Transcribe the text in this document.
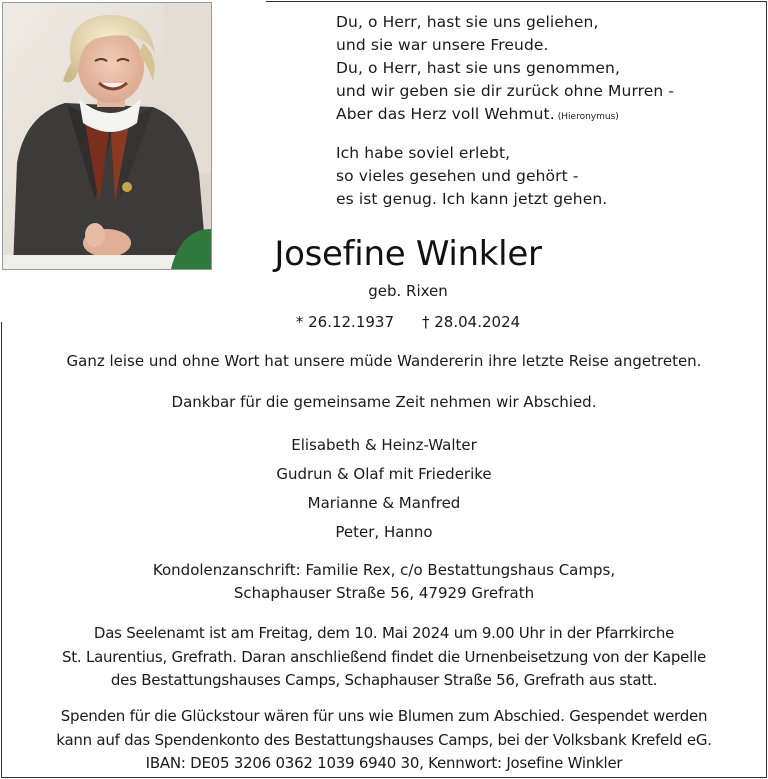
Du, o Herr, hast sie uns geliehen,
und sie war unsere Freude.
Du, o Herr, hast sie uns genommen,
und wir geben sie dir zurück ohne Murren -
Aber das Herz voll Wehmut. (Hieronymus)
Ich habe soviel erlebt,
so vieles gesehen und gehört -
es ist genug. Ich kann jetzt gehen.
Josefine Winkler
geb. Rixen
* 26.12.1937 † 28.04.2024
Ganz leise und ohne Wort hat unsere müde Wandererin ihre letzte Reise angetreten.
Dankbar für die gemeinsame Zeit nehmen wir Abschied.
Elisabeth & Heinz-Walter
Gudrun & Olaf mit Friederike
Marianne & Manfred
Peter, Hanno
Kondolenzanschrift: Familie Rex, c/o Bestattungshaus Camps,
Schaphauser Straße 56, 47929 Grefrath
Das Seelenamt ist am Freitag, dem 10. Mai 2024 um 9.00 Uhr in der Pfarrkirche
St. Laurentius, Grefrath. Daran anschließend findet die Urnenbeisetzung von der Kapelle
des Bestattungshauses Camps, Schaphauser Straße 56, Grefrath aus statt.
Spenden für die Glückstour wären für uns wie Blumen zum Abschied. Gespendet werden
kann auf das Spendenkonto des Bestattungshauses Camps, bei der Volksbank Krefeld eG.
IBAN: DE05 3206 0362 1039 6940 30, Kennwort: Josefine Winkler
